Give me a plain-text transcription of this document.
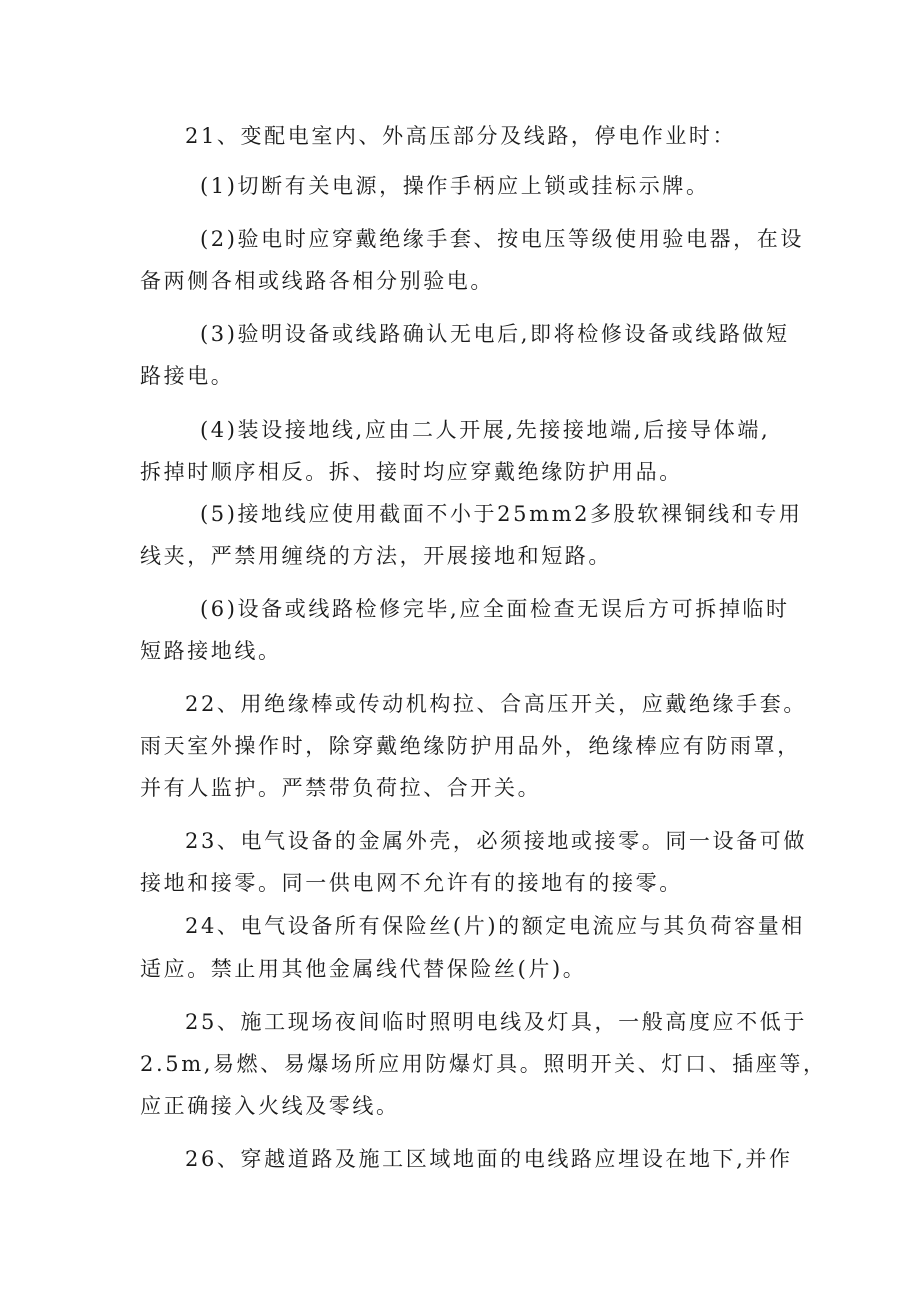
21、变配电室内、外高压部分及线路，停电作业时：
(1)切断有关电源，操作手柄应上锁或挂标示牌。
(2)验电时应穿戴绝缘手套、按电压等级使用验电器，在设
备两侧各相或线路各相分别验电。
(3)验明设备或线路确认无电后,即将检修设备或线路做短
路接电。
(4)装设接地线,应由二人开展,先接接地端,后接导体端,
拆掉时顺序相反。拆、接时均应穿戴绝缘防护用品。
(5)接地线应使用截面不小于25mm2多股软裸铜线和专用
线夹，严禁用缠绕的方法，开展接地和短路。
(6)设备或线路检修完毕,应全面检查无误后方可拆掉临时
短路接地线。
22、用绝缘棒或传动机构拉、合高压开关，应戴绝缘手套。
雨天室外操作时，除穿戴绝缘防护用品外，绝缘棒应有防雨罩，
并有人监护。严禁带负荷拉、合开关。
23、电气设备的金属外壳，必须接地或接零。同一设备可做
接地和接零。同一供电网不允许有的接地有的接零。
24、电气设备所有保险丝(片)的额定电流应与其负荷容量相
适应。禁止用其他金属线代替保险丝(片)。
25、施工现场夜间临时照明电线及灯具，一般高度应不低于
2.5m,易燃、易爆场所应用防爆灯具。照明开关、灯口、插座等，
应正确接入火线及零线。
26、穿越道路及施工区域地面的电线路应埋设在地下,并作
